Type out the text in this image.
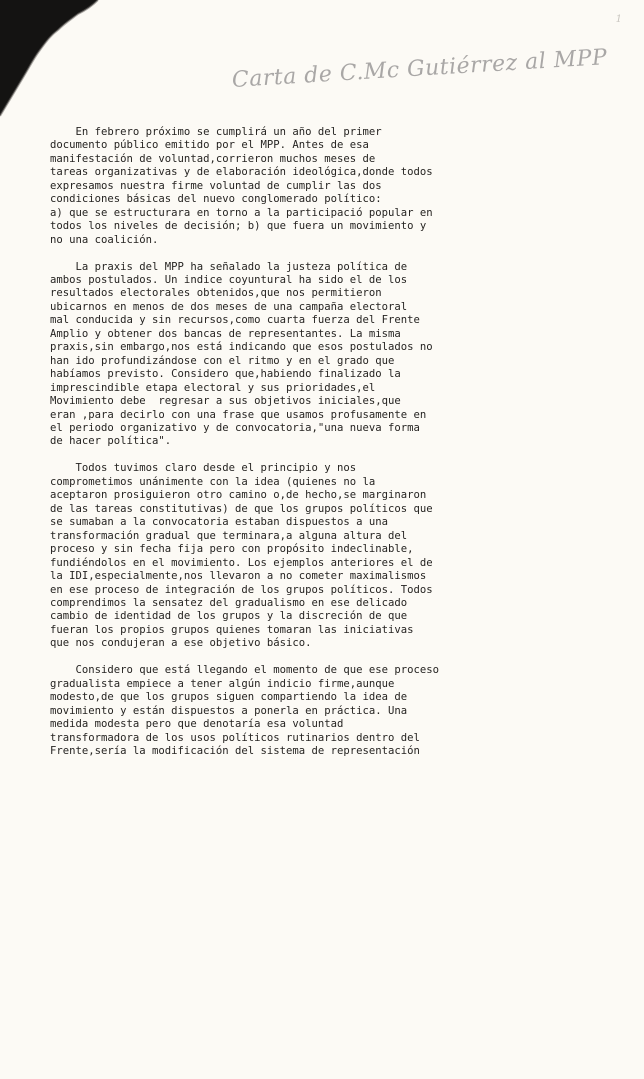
1
Carta de C.Mc Gutiérrez al MPP
En febrero próximo se cumplirá un año del primer
documento público emitido por el MPP. Antes de esa
manifestación de voluntad,corrieron muchos meses de
tareas organizativas y de elaboración ideológica,donde todos
expresamos nuestra firme voluntad de cumplir las dos
condiciones básicas del nuevo conglomerado político:
a) que se estructurara en torno a la participació popular en
todos los niveles de decisión; b) que fuera un movimiento y
no una coalición.
La praxis del MPP ha señalado la justeza política de
ambos postulados. Un indice coyuntural ha sido el de los
resultados electorales obtenidos,que nos permitieron
ubicarnos en menos de dos meses de una campaña electoral
mal conducida y sin recursos,como cuarta fuerza del Frente
Amplio y obtener dos bancas de representantes. La misma
praxis,sin embargo,nos está indicando que esos postulados no
han ido profundizándose con el ritmo y en el grado que
habíamos previsto. Considero que,habiendo finalizado la
imprescindible etapa electoral y sus prioridades,el
Movimiento debe  regresar a sus objetivos iniciales,que
eran ,para decirlo con una frase que usamos profusamente en
el periodo organizativo y de convocatoria,"una nueva forma
de hacer política".
Todos tuvimos claro desde el principio y nos
comprometimos unánimente con la idea (quienes no la
aceptaron prosiguieron otro camino o,de hecho,se marginaron
de las tareas constitutivas) de que los grupos políticos que
se sumaban a la convocatoria estaban dispuestos a una
transformación gradual que terminara,a alguna altura del
proceso y sin fecha fija pero con propósito indeclinable,
fundiéndolos en el movimiento. Los ejemplos anteriores el de
la IDI,especialmente,nos llevaron a no cometer maximalismos
en ese proceso de integración de los grupos políticos. Todos
comprendimos la sensatez del gradualismo en ese delicado
cambio de identidad de los grupos y la discreción de que
fueran los propios grupos quienes tomaran las iniciativas
que nos condujeran a ese objetivo básico.
Considero que está llegando el momento de que ese proceso
gradualista empiece a tener algún indicio firme,aunque
modesto,de que los grupos siguen compartiendo la idea de
movimiento y están dispuestos a ponerla en práctica. Una
medida modesta pero que denotaría esa voluntad
transformadora de los usos políticos rutinarios dentro del
Frente,sería la modificación del sistema de representación
